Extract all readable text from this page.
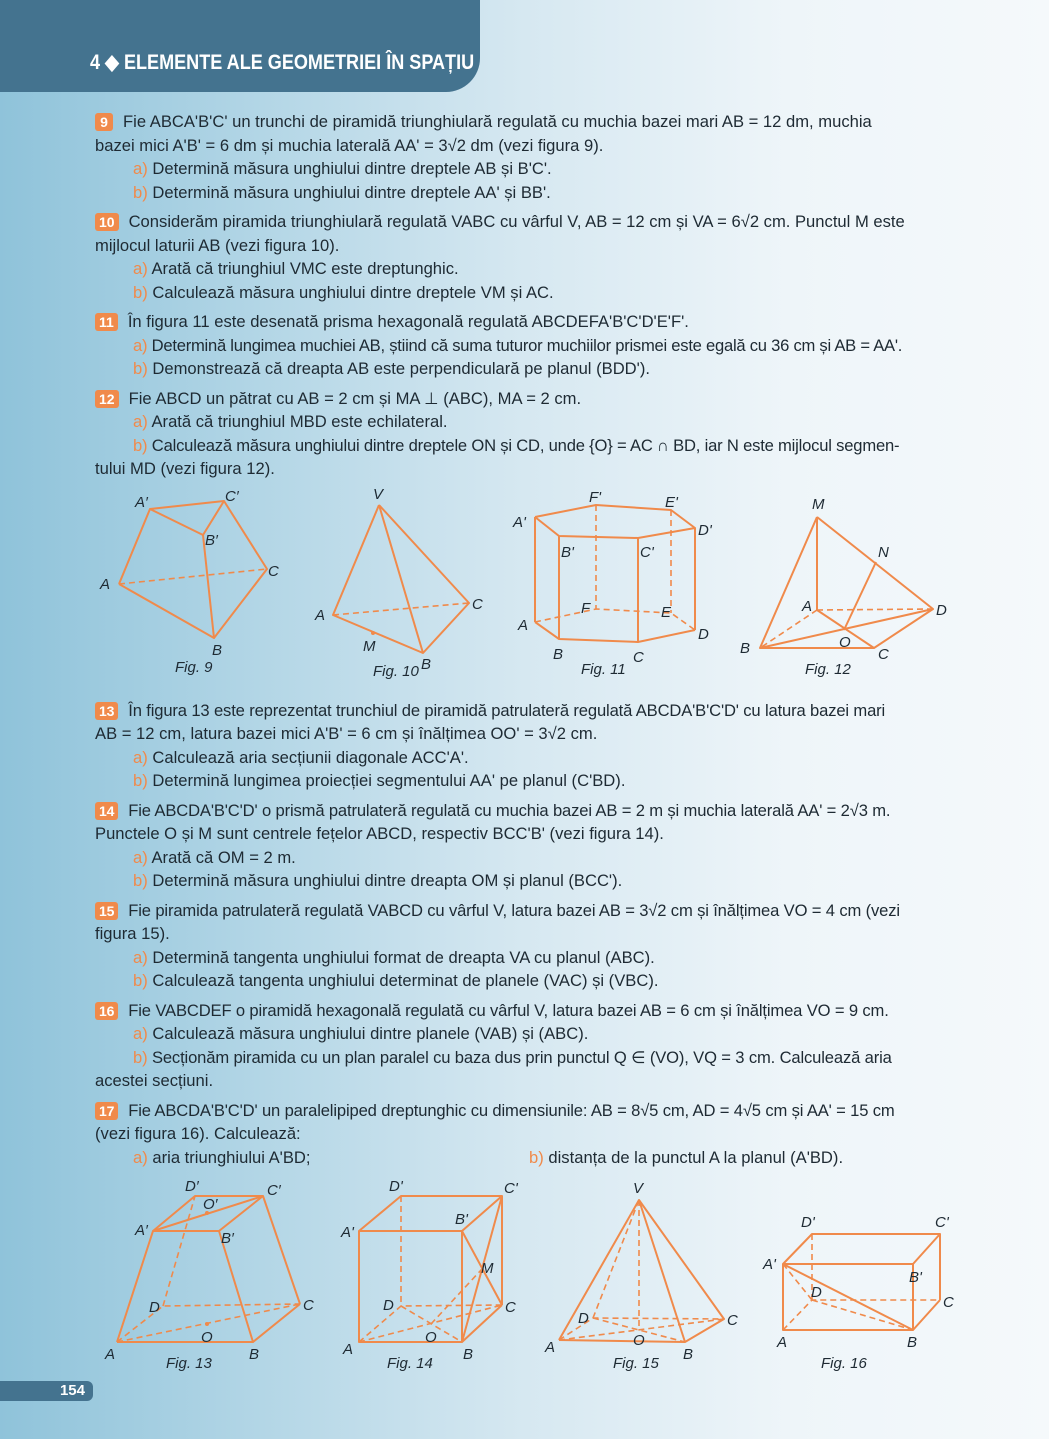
4 ◆ ELEMENTE ALE GEOMETRIEI ÎN SPAȚIU

9 Fie ABCA'B'C' un trunchi de piramidă triunghiulară regulată cu muchia bazei mari AB = 12 dm, muchia

bazei mici A'B' = 6 dm și muchia laterală AA' = 3√2 dm (vezi figura 9).

a) Determină măsura unghiului dintre dreptele AB și B'C'.

b) Determină măsura unghiului dintre dreptele AA' și BB'.

10 Considerăm piramida triunghiulară regulată VABC cu vârful V, AB = 12 cm și VA = 6√2 cm. Punctul M este

mijlocul laturii AB (vezi figura 10).

a) Arată că triunghiul VMC este dreptunghic.

b) Calculează măsura unghiului dintre dreptele VM și AC.

11 În figura 11 este desenată prisma hexagonală regulată ABCDEFA'B'C'D'E'F'.

a) Determină lungimea muchiei AB, știind că suma tuturor muchiilor prismei este egală cu 36 cm și AB = AA'.

b) Demonstrează că dreapta AB este perpendiculară pe planul (BDD').

12 Fie ABCD un pătrat cu AB = 2 cm și MA ⊥ (ABC), MA = 2 cm.

a) Arată că triunghiul MBD este echilateral.

b) Calculează măsura unghiului dintre dreptele ON și CD, unde {O} = AC ∩ BD, iar N este mijlocul segmen-

tului MD (vezi figura 12).

A′	C′
B′
A
C
B
Fig. 9
V
A
C
M
B
Fig. 10
A'
F'	E'
D'
B'	C'
A
F	E
D
B	C
Fig. 11
M
N
A	D
B	O
C
Fig. 12

13 În figura 13 este reprezentat trunchiul de piramidă patrulateră regulată ABCDA'B'C'D' cu latura bazei mari

AB = 12 cm, latura bazei mici A'B' = 6 cm și înălțimea OO' = 3√2 cm.

a) Calculează aria secțiunii diagonale ACC'A'.

b) Determină lungimea proiecției segmentului AA' pe planul (C'BD).

14 Fie ABCDA'B'C'D' o prismă patrulateră regulată cu muchia bazei AB = 2 m și muchia laterală AA' = 2√3 m.

Punctele O și M sunt centrele fețelor ABCD, respectiv BCC'B' (vezi figura 14).

a) Arată că OM = 2 m.

b) Determină măsura unghiului dintre dreapta OM și planul (BCC').

15 Fie piramida patrulateră regulată VABCD cu vârful V, latura bazei AB = 3√2 cm și înălțimea VO = 4 cm (vezi

figura 15).

a) Determină tangenta unghiului format de dreapta VA cu planul (ABC).

b) Calculează tangenta unghiului determinat de planele (VAC) și (VBC).

16 Fie VABCDEF o piramidă hexagonală regulată cu vârful V, latura bazei AB = 6 cm și înălțimea VO = 9 cm.

a) Calculează măsura unghiului dintre planele (VAB) și (ABC).

b) Secționăm piramida cu un plan paralel cu baza dus prin punctul Q ∈ (VO), VQ = 3 cm. Calculează aria

acestei secțiuni.

17 Fie ABCDA'B'C'D' un paralelipiped dreptunghic cu dimensiunile: AB = 8√5 cm, AD = 4√5 cm și AA' = 15 cm

(vezi figura 16). Calculează:

a) aria triunghiului A'BD;	b) distanța de la punctul A la planul (A'BD).

D′	C′
O′
A′	B′
D	C
O
A	B
Fig. 13
D'	C'
A'
B'
M
D	C
O
A	B
Fig. 14
V
D	C
A	O
B
Fig. 15
D'	C'
A'
B'
D
C
A	B
Fig. 16
154
